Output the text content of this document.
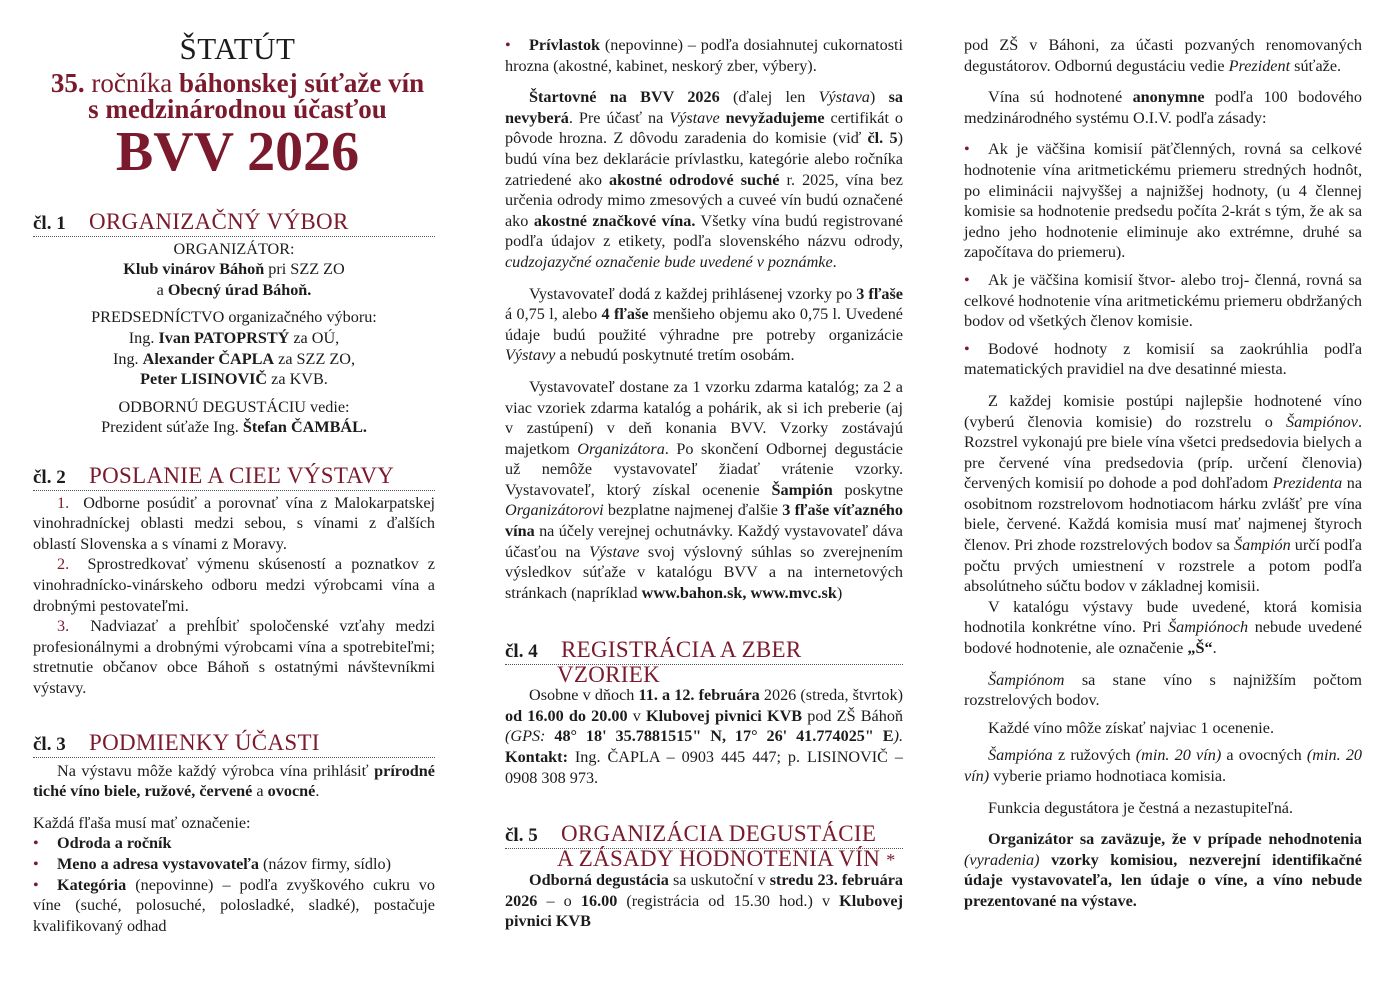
ŠTATÚT
35. ročníka báhonskej súťaže vín
s medzinárodnou účasťou
BVV 2026
čl. 1	ORGANIZAČNÝ VÝBOR
ORGANIZÁTOR:
Klub vinárov Báhoň pri SZZ ZO
a Obecný úrad Báhoň.
PREDSEDNÍCTVO organizačného výboru:
Ing. Ivan PATOPRSTÝ za OÚ,
Ing. Alexander ČAPLA za SZZ ZO,
Peter LISINOVIČ za KVB.
ODBORNÚ DEGUSTÁCIU vedie:
Prezident súťaže Ing. Štefan ČAMBÁL.
čl. 2	POSLANIE A CIEĽ VÝSTAVY

1. Odborne posúdiť a porovnať vína z Malokarpatskej vinohradníckej oblasti medzi sebou, s vínami z ďalších oblastí Slovenska a s vínami z Moravy.

2. Sprostredkovať výmenu skúseností a poznatkov z vinohradnícko-vinárskeho odboru medzi výrobcami vína a drobnými pestovateľmi.

3. Nadviazať a prehĺbiť spoločenské vzťahy medzi profesionálnymi a drobnými výrobcami vína a spotrebiteľmi; stretnutie občanov obce Báhoň s ostatnými návštevníkmi výstavy.

čl. 3	PODMIENKY ÚČASTI

Na výstavu môže každý výrobca vína prihlásiť prírodné tiché víno biele, ružové, červené a ovocné.

Každá fľaša musí mať označenie:

• Odroda a ročník

• Meno a adresa vystavovateľa (názov firmy, sídlo)

• Kategória (nepovinne) – podľa zvyškového cukru vo víne (suché, polosuché, polosladké, sladké), postačuje kvalifikovaný odhad

• Prívlastok (nepovinne) – podľa dosiahnutej cukornatosti hrozna (akostné, kabinet, neskorý zber, výbery).

Štartovné na BVV 2026 (ďalej len Výstava) sa nevyberá. Pre účasť na Výstave nevyžadujeme certifikát o pôvode hrozna. Z dôvodu zaradenia do komisie (viď čl. 5) budú vína bez deklarácie prívlastku, kategórie alebo ročníka zatriedené ako akostné odrodové suché r. 2025, vína bez určenia odrody mimo zmesových a cuveé vín budú označené ako akostné značkové vína. Všetky vína budú registrované podľa údajov z etikety, podľa slovenského názvu odrody, cudzojazyčné označenie bude uvedené v poznámke.

Vystavovateľ dodá z každej prihlásenej vzorky po 3 fľaše á 0,75 l, alebo 4 fľaše menšieho objemu ako 0,75 l. Uvedené údaje budú použité výhradne pre potreby organizácie Výstavy a nebudú poskytnuté tretím osobám.

Vystavovateľ dostane za 1 vzorku zdarma katalóg; za 2 a viac vzoriek zdarma katalóg a pohárik, ak si ich preberie (aj v zastúpení) v deň konania BVV. Vzorky zostávajú majetkom Organizátora. Po skončení Odbornej degustácie už nemôže vystavovateľ žiadať vrátenie vzorky. Vystavovateľ, ktorý získal ocenenie Šampión poskytne Organizátorovi bezplatne najmenej ďalšie 3 fľaše víťazného vína na účely verejnej ochutnávky. Každý vystavovateľ dáva účasťou na Výstave svoj výslovný súhlas so zverejnením výsledkov súťaže v katalógu BVV a na internetových stránkach (napríklad www.bahon.sk, www.mvc.sk)

čl. 4	REGISTRÁCIA A ZBER
VZORIEK

Osobne v dňoch 11. a 12. februára 2026 (streda, štvrtok) od 16.00 do 20.00 v Klubovej pivnici KVB pod ZŠ Báhoň (GPS: 48° 18' 35.7881515" N, 17° 26' 41.774025" E). Kontakt: Ing. ČAPLA – 0903 445 447; p. LISINOVIČ – 0908 308 973.

čl. 5	ORGANIZÁCIA DEGUSTÁCIE
A ZÁSADY HODNOTENIA VÍN *

Odborná degustácia sa uskutoční v stredu 23. februára 2026 – o 16.00 (registrácia od 15.30 hod.) v Klubovej pivnici KVB

pod ZŠ v Báhoni, za účasti pozvaných renomovaných degustátorov. Odbornú degustáciu vedie Prezident súťaže.

Vína sú hodnotené anonymne podľa 100 bodového medzinárodného systému O.I.V. podľa zásady:

• Ak je väčšina komisií päťčlenných, rovná sa celkové hodnotenie vína aritmetickému priemeru stredných hodnôt, po eliminácii najvyššej a najnižšej hodnoty, (u 4 člennej komisie sa hodnotenie predsedu počíta 2-krát s tým, že ak sa jedno jeho hodnotenie eliminuje ako extrémne, druhé sa započítava do priemeru).

• Ak je väčšina komisií štvor- alebo troj- členná, rovná sa celkové hodnotenie vína aritmetickému priemeru obdržaných bodov od všetkých členov komisie.

• Bodové hodnoty z komisií sa zaokrúhlia podľa matematických pravidiel na dve desatinné miesta.

Z každej komisie postúpi najlepšie hodnotené víno (vyberú členovia komisie) do rozstrelu o Šampiónov. Rozstrel vykonajú pre biele vína všetci predsedovia bielych a pre červené vína predsedovia (príp. určení členovia) červených komisií po dohode a pod dohľadom Prezidenta na osobitnom rozstrelovom hodnotiacom hárku zvlášť pre vína biele, červené. Každá komisia musí mať najmenej štyroch členov. Pri zhode rozstrelových bodov sa Šampión určí podľa počtu prvých umiestnení v rozstrele a potom podľa absolútneho súčtu bodov v základnej komisii.

V katalógu výstavy bude uvedené, ktorá komisia hodnotila konkrétne víno. Pri Šampiónoch nebude uvedené bodové hodnotenie, ale označenie „Š“.

Šampiónom sa stane víno s najnižším počtom rozstrelových bodov.

Každé víno môže získať najviac 1 ocenenie.

Šampióna z ružových (min. 20 vín) a ovocných (min. 20 vín) vyberie priamo hodnotiaca komisia.

Funkcia degustátora je čestná a nezastupiteľná.

Organizátor sa zaväzuje, že v prípade nehodnotenia (vyradenia) vzorky komisiou, nezverejní identifikačné údaje vystavovateľa, len údaje o víne, a víno nebude prezentované na výstave.
